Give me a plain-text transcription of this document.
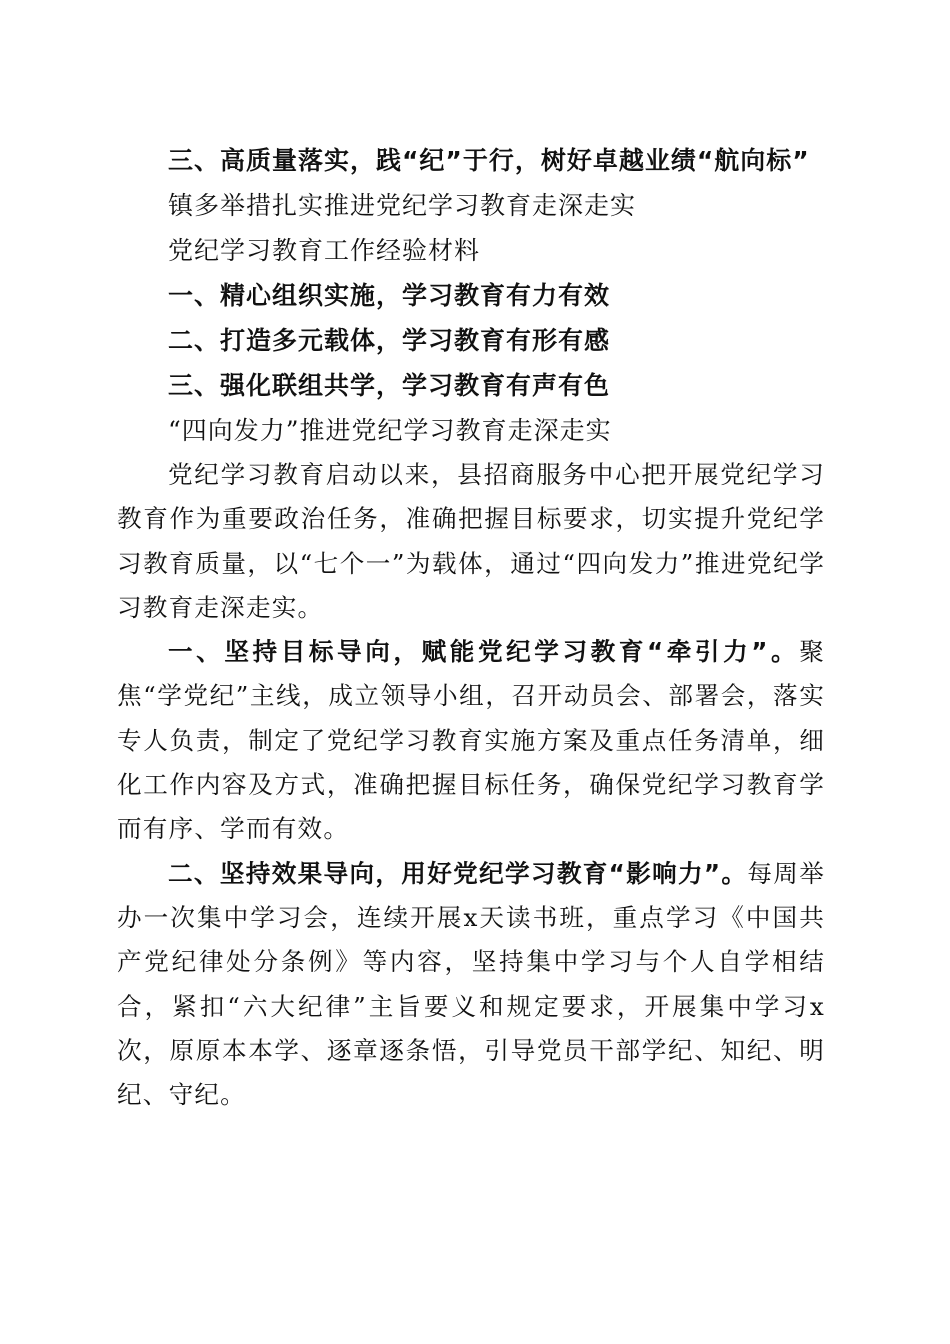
三、高质量落实，践“纪”于行，树好卓越业绩“航向标”

镇多举措扎实推进党纪学习教育走深走实

党纪学习教育工作经验材料

一、精心组织实施，学习教育有力有效

二、打造多元载体，学习教育有形有感

三、强化联组共学，学习教育有声有色

“四向发力”推进党纪学习教育走深走实

党纪学习教育启动以来，县招商服务中心把开展党纪学习教育作为重要政治任务，准确把握目标要求，切实提升党纪学习教育质量，以“七个一”为载体，通过“四向发力”推进党纪学习教育走深走实。

一、坚持目标导向，赋能党纪学习教育“牵引力”。聚焦“学党纪”主线，成立领导小组，召开动员会、部署会，落实专人负责，制定了党纪学习教育实施方案及重点任务清单，细化工作内容及方式，准确把握目标任务，确保党纪学习教育学而有序、学而有效。

二、坚持效果导向，用好党纪学习教育“影响力”。每周举办一次集中学习会，连续开展x天读书班，重点学习《中国共产党纪律处分条例》等内容，坚持集中学习与个人自学相结合，紧扣“六大纪律”主旨要义和规定要求，开展集中学习x次，原原本本学、逐章逐条悟，引导党员干部学纪、知纪、明纪、守纪。
